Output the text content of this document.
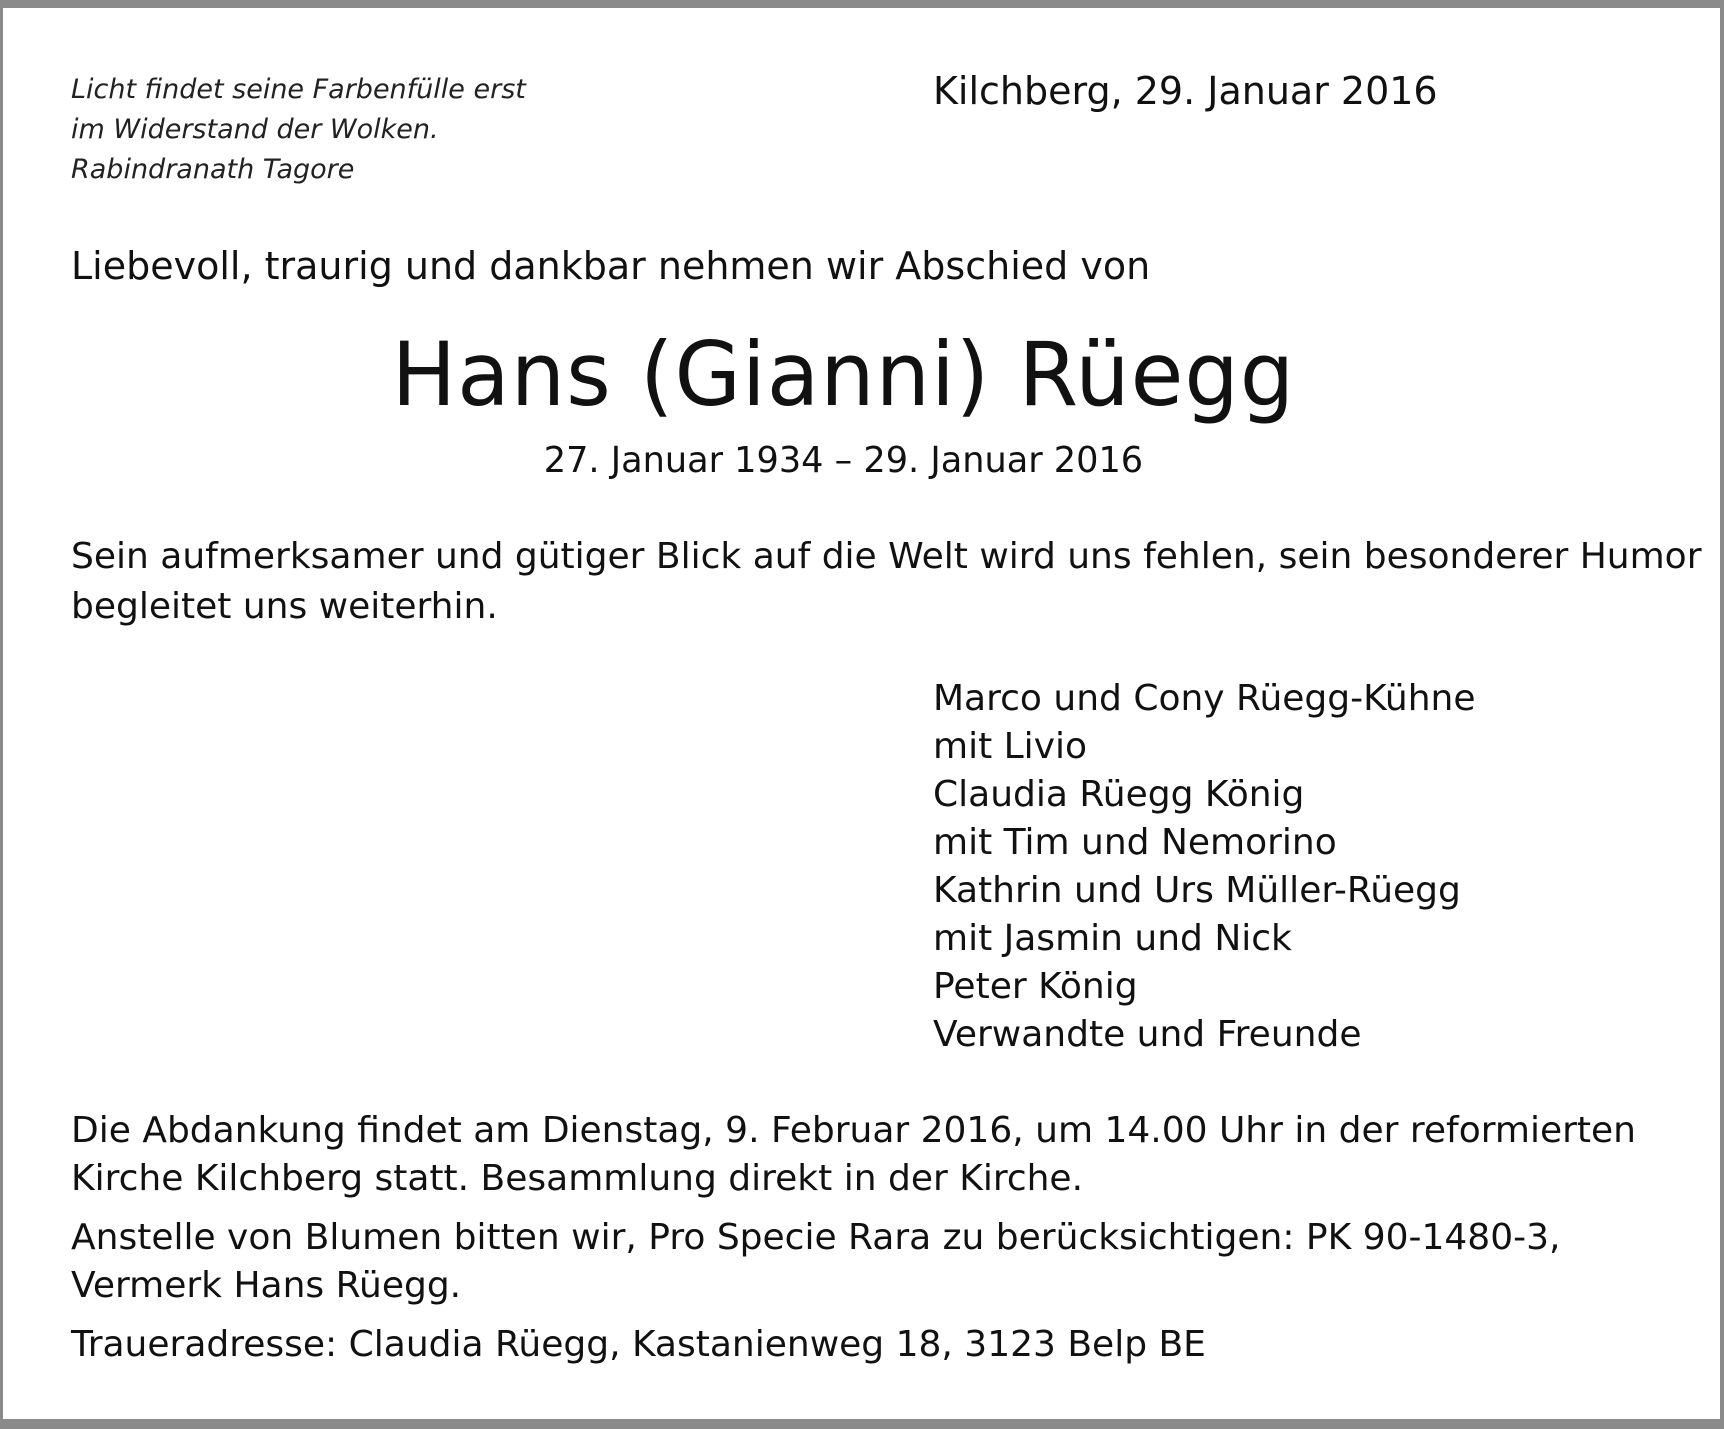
Licht findet seine Farbenfülle erst
im Widerstand der Wolken.
Rabindranath Tagore
Kilchberg, 29. Januar 2016
Liebevoll, traurig und dankbar nehmen wir Abschied von
Hans (Gianni) Rüegg
27. Januar 1934 – 29. Januar 2016
Sein aufmerksamer und gütiger Blick auf die Welt wird uns fehlen, sein besonderer Humor
begleitet uns weiterhin.
Marco und Cony Rüegg-Kühne
mit Livio
Claudia Rüegg König
mit Tim und Nemorino
Kathrin und Urs Müller-Rüegg
mit Jasmin und Nick
Peter König
Verwandte und Freunde
Die Abdankung findet am Dienstag, 9. Februar 2016, um 14.00 Uhr in der reformierten
Kirche Kilchberg statt. Besammlung direkt in der Kirche.
Anstelle von Blumen bitten wir, Pro Specie Rara zu berücksichtigen: PK 90-1480-3,
Vermerk Hans Rüegg.
Traueradresse: Claudia Rüegg, Kastanienweg 18, 3123 Belp BE
